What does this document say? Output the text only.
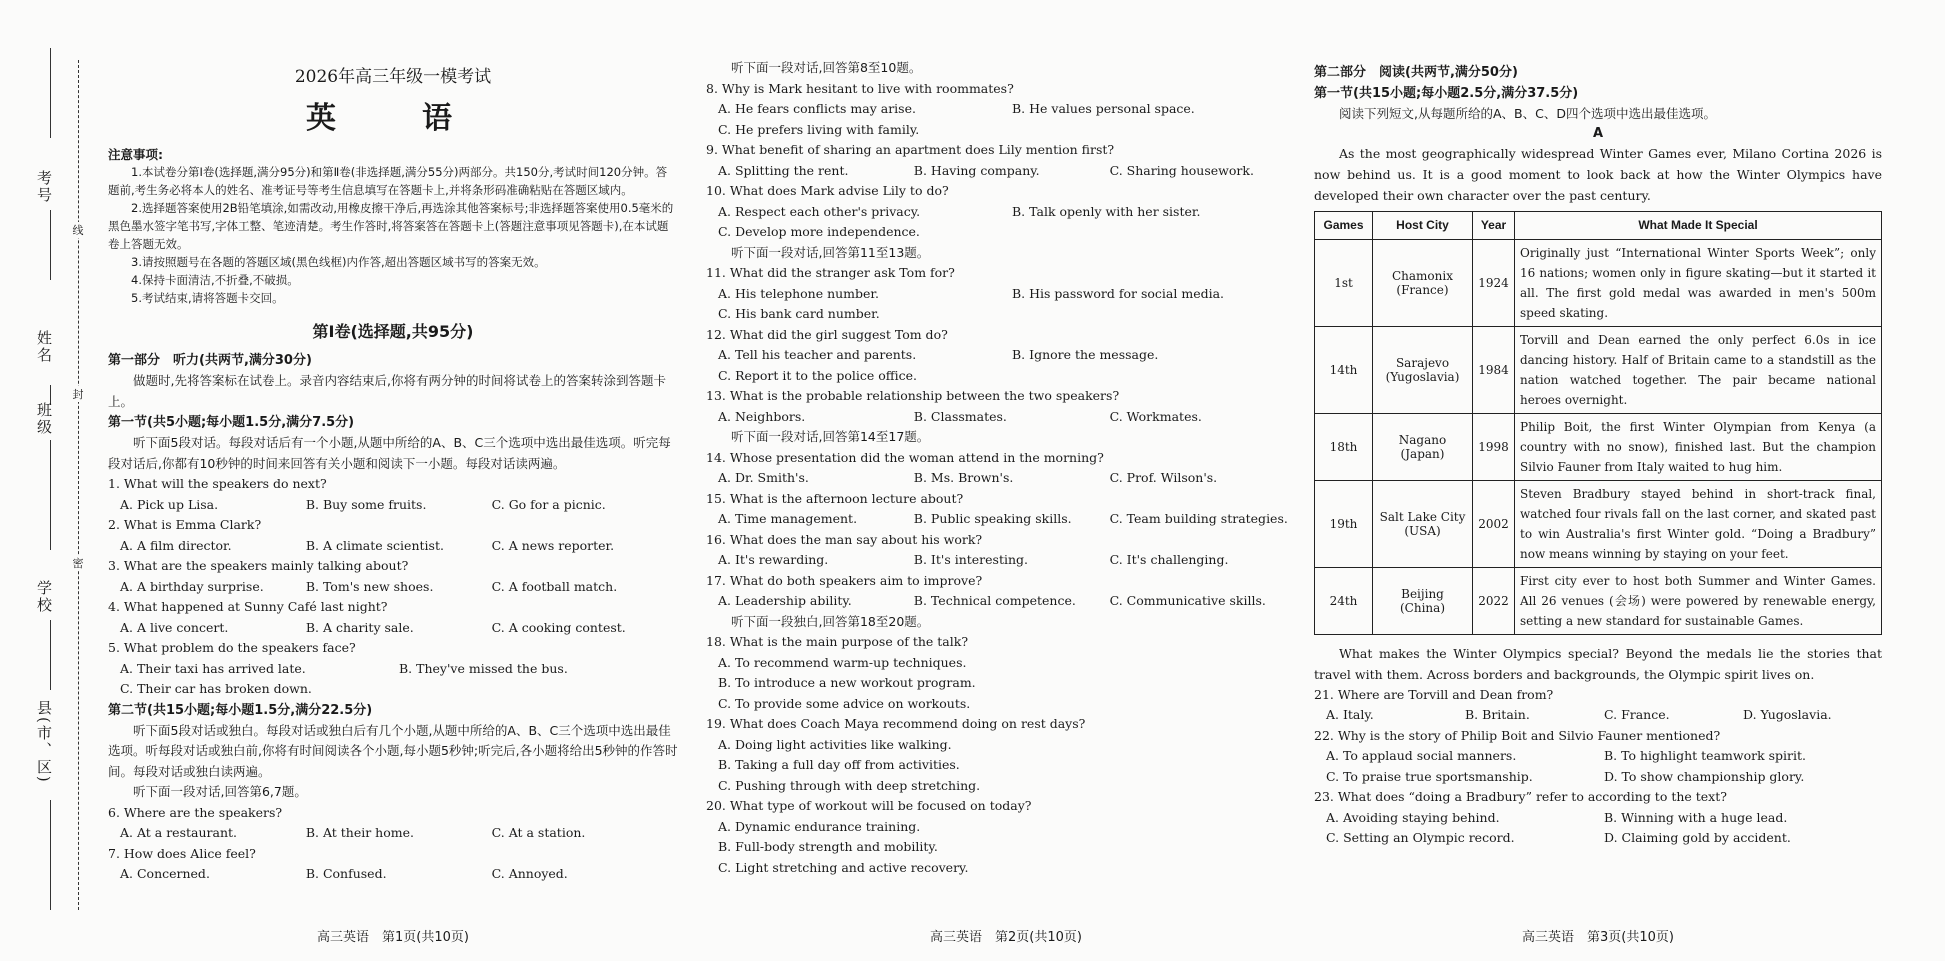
线
封
密
考号
姓名
班级
学校
县(市、区)
2026年高三年级一模考试
英　语
注意事项:
1.本试卷分第Ⅰ卷(选择题,满分95分)和第Ⅱ卷(非选择题,满分55分)两部分。共150分,考试时间120分钟。答题前,考生务必将本人的姓名、准考证号等考生信息填写在答题卡上,并将条形码准确粘贴在答题区域内。
2.选择题答案使用2B铅笔填涂,如需改动,用橡皮擦干净后,再选涂其他答案标号;非选择题答案使用0.5毫米的黑色墨水签字笔书写,字体工整、笔迹清楚。考生作答时,将答案答在答题卡上(答题注意事项见答题卡),在本试题卷上答题无效。
3.请按照题号在各题的答题区域(黑色线框)内作答,超出答题区域书写的答案无效。
4.保持卡面清洁,不折叠,不破损。
5.考试结束,请将答题卡交回。
第Ⅰ卷(选择题,共95分)
第一部分　听力(共两节,满分30分)
做题时,先将答案标在试卷上。录音内容结束后,你将有两分钟的时间将试卷上的答案转涂到答题卡上。
第一节(共5小题;每小题1.5分,满分7.5分)
听下面5段对话。每段对话后有一个小题,从题中所给的A、B、C三个选项中选出最佳选项。听完每段对话后,你都有10秒钟的时间来回答有关小题和阅读下一小题。每段对话读两遍。
1. What will the speakers do next?
A. Pick up Lisa.	B. Buy some fruits.	C. Go for a picnic.
2. What is Emma Clark?
A. A film director.	B. A climate scientist.	C. A news reporter.
3. What are the speakers mainly talking about?
A. A birthday surprise.	B. Tom's new shoes.	C. A football match.
4. What happened at Sunny Café last night?
A. A live concert.	B. A charity sale.	C. A cooking contest.
5. What problem do the speakers face?
A. Their taxi has arrived late.	B. They've missed the bus.
C. Their car has broken down.
第二节(共15小题;每小题1.5分,满分22.5分)
听下面5段对话或独白。每段对话或独白后有几个小题,从题中所给的A、B、C三个选项中选出最佳选项。听每段对话或独白前,你将有时间阅读各个小题,每小题5秒钟;听完后,各小题将给出5秒钟的作答时间。每段对话或独白读两遍。
听下面一段对话,回答第6,7题。
6. Where are the speakers?
A. At a restaurant.	B. At their home.	C. At a station.
7. How does Alice feel?
A. Concerned.	B. Confused.	C. Annoyed.
高三英语　第1页(共10页)
听下面一段对话,回答第8至10题。
8. Why is Mark hesitant to live with roommates?
A. He fears conflicts may arise.	B. He values personal space.
C. He prefers living with family.
9. What benefit of sharing an apartment does Lily mention first?
A. Splitting the rent.	B. Having company.	C. Sharing housework.
10. What does Mark advise Lily to do?
A. Respect each other's privacy.	B. Talk openly with her sister.
C. Develop more independence.
听下面一段对话,回答第11至13题。
11. What did the stranger ask Tom for?
A. His telephone number.	B. His password for social media.
C. His bank card number.
12. What did the girl suggest Tom do?
A. Tell his teacher and parents.	B. Ignore the message.
C. Report it to the police office.
13. What is the probable relationship between the two speakers?
A. Neighbors.	B. Classmates.	C. Workmates.
听下面一段对话,回答第14至17题。
14. Whose presentation did the woman attend in the morning?
A. Dr. Smith's.	B. Ms. Brown's.	C. Prof. Wilson's.
15. What is the afternoon lecture about?
A. Time management.	B. Public speaking skills.	C. Team building strategies.
16. What does the man say about his work?
A. It's rewarding.	B. It's interesting.	C. It's challenging.
17. What do both speakers aim to improve?
A. Leadership ability.	B. Technical competence.	C. Communicative skills.
听下面一段独白,回答第18至20题。
18. What is the main purpose of the talk?
A. To recommend warm-up techniques.
B. To introduce a new workout program.
C. To provide some advice on workouts.
19. What does Coach Maya recommend doing on rest days?
A. Doing light activities like walking.
B. Taking a full day off from activities.
C. Pushing through with deep stretching.
20. What type of workout will be focused on today?
A. Dynamic endurance training.
B. Full-body strength and mobility.
C. Light stretching and active recovery.
高三英语　第2页(共10页)
第二部分　阅读(共两节,满分50分)
第一节(共15小题;每小题2.5分,满分37.5分)
阅读下列短文,从每题所给的A、B、C、D四个选项中选出最佳选项。
A
As the most geographically widespread Winter Games ever, Milano Cortina 2026 is now behind us. It is a good moment to look back at how the Winter Olympics have developed their own character over the past century.
Games	Host City	Year	What Made It Special
1st	Chamonix
(France)	1924	Originally just “International Winter Sports Week”; only 16 nations; women only in figure skating—but it started it all. The first gold medal was awarded in men's 500m speed skating.
14th	Sarajevo
(Yugoslavia)	1984	Torvill and Dean earned the only perfect 6.0s in ice dancing history. Half of Britain came to a standstill as the nation watched together. The pair became national heroes overnight.
18th	Nagano
(Japan)	1998	Philip Boit, the first Winter Olympian from Kenya (a country with no snow), finished last. But the champion Silvio Fauner from Italy waited to hug him.
19th	Salt Lake City
(USA)	2002	Steven Bradbury stayed behind in short-track final, watched four rivals fall on the last corner, and skated past to win Australia's first Winter gold. “Doing a Bradbury” now means winning by staying on your feet.
24th	Beijing
(China)	2022	First city ever to host both Summer and Winter Games. All 26 venues (会场) were powered by renewable energy, setting a new standard for sustainable Games.
What makes the Winter Olympics special? Beyond the medals lie the stories that travel with them. Across borders and backgrounds, the Olympic spirit lives on.
21. Where are Torvill and Dean from?
A. Italy.	B. Britain.	C. France.	D. Yugoslavia.
22. Why is the story of Philip Boit and Silvio Fauner mentioned?
A. To applaud social manners.	B. To highlight teamwork spirit.
C. To praise true sportsmanship.	D. To show championship glory.
23. What does “doing a Bradbury” refer to according to the text?
A. Avoiding staying behind.	B. Winning with a huge lead.
C. Setting an Olympic record.	D. Claiming gold by accident.
高三英语　第3页(共10页)
